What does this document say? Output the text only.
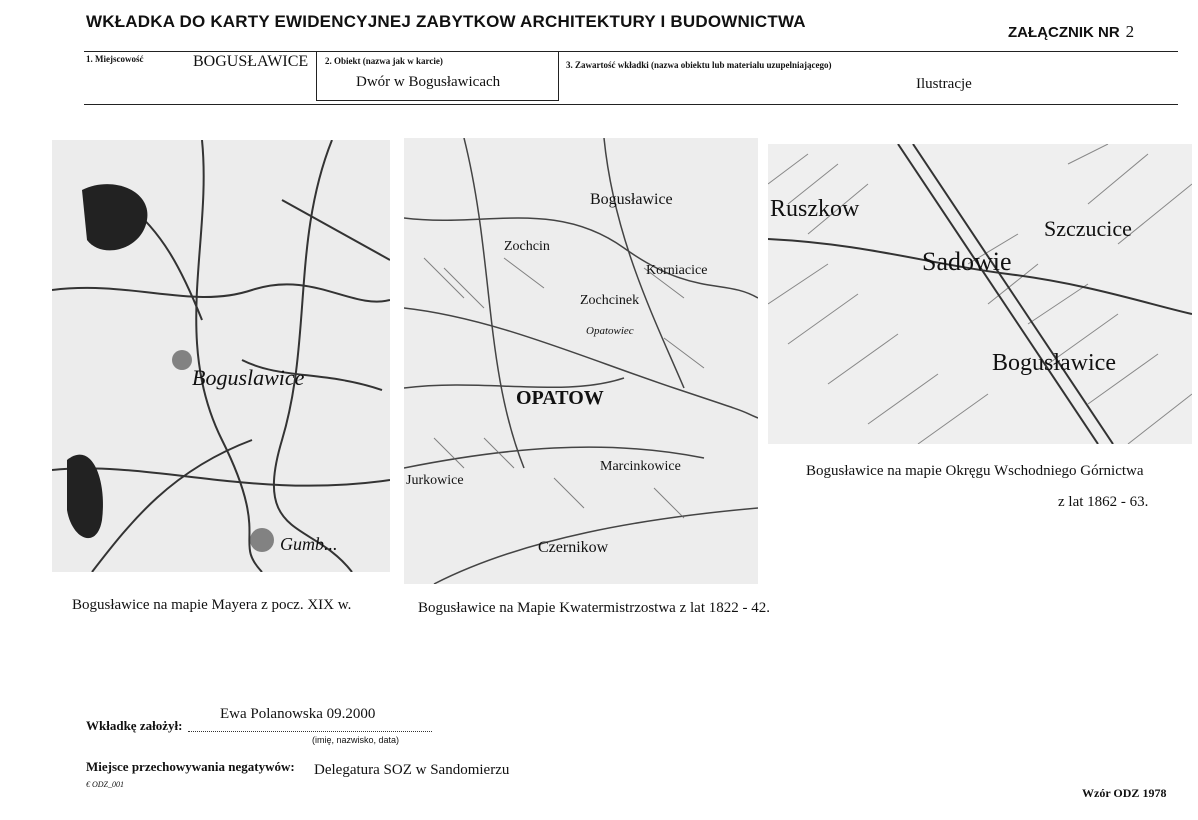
WKŁADKA DO KARTY EWIDENCYJNEJ ZABYTKOW ARCHITEKTURY I BUDOWNICTWA
ZAŁĄCZNIK NR 2
1. Miejscowość	BOGUSŁAWICE 2. Obiekt (nazwa jak w karcie)
Dwór w Bogusławicach
3. Zawartość wkładki (nazwa obiektu lub materialu uzupelniającego)
Ilustracje
Boguslawice
Gumb...
Bogusławice na mapie Mayera z pocz. XIX w.
Bogusławice
Zochcin
Korniacice
Zochcinek
Opatowiec
OPATOW
Jurkowice
Marcinkowice
Czernikow
Bogusławice na Mapie Kwatermistrzostwa z lat 1822 - 42.
Ruszkow
Szczucice
Sadowie
Bogusławice
Bogusławice na mapie Okręgu Wschodniego Górnictwa
z lat 1862 - 63.
Wkładkę założył:
Ewa Polanowska 09.2000
(imię, nazwisko, data)
Miejsce przechowywania negatywów: Delegatura SOZ w Sandomierzu
€ ODZ_001
Wzór ODZ 1978
